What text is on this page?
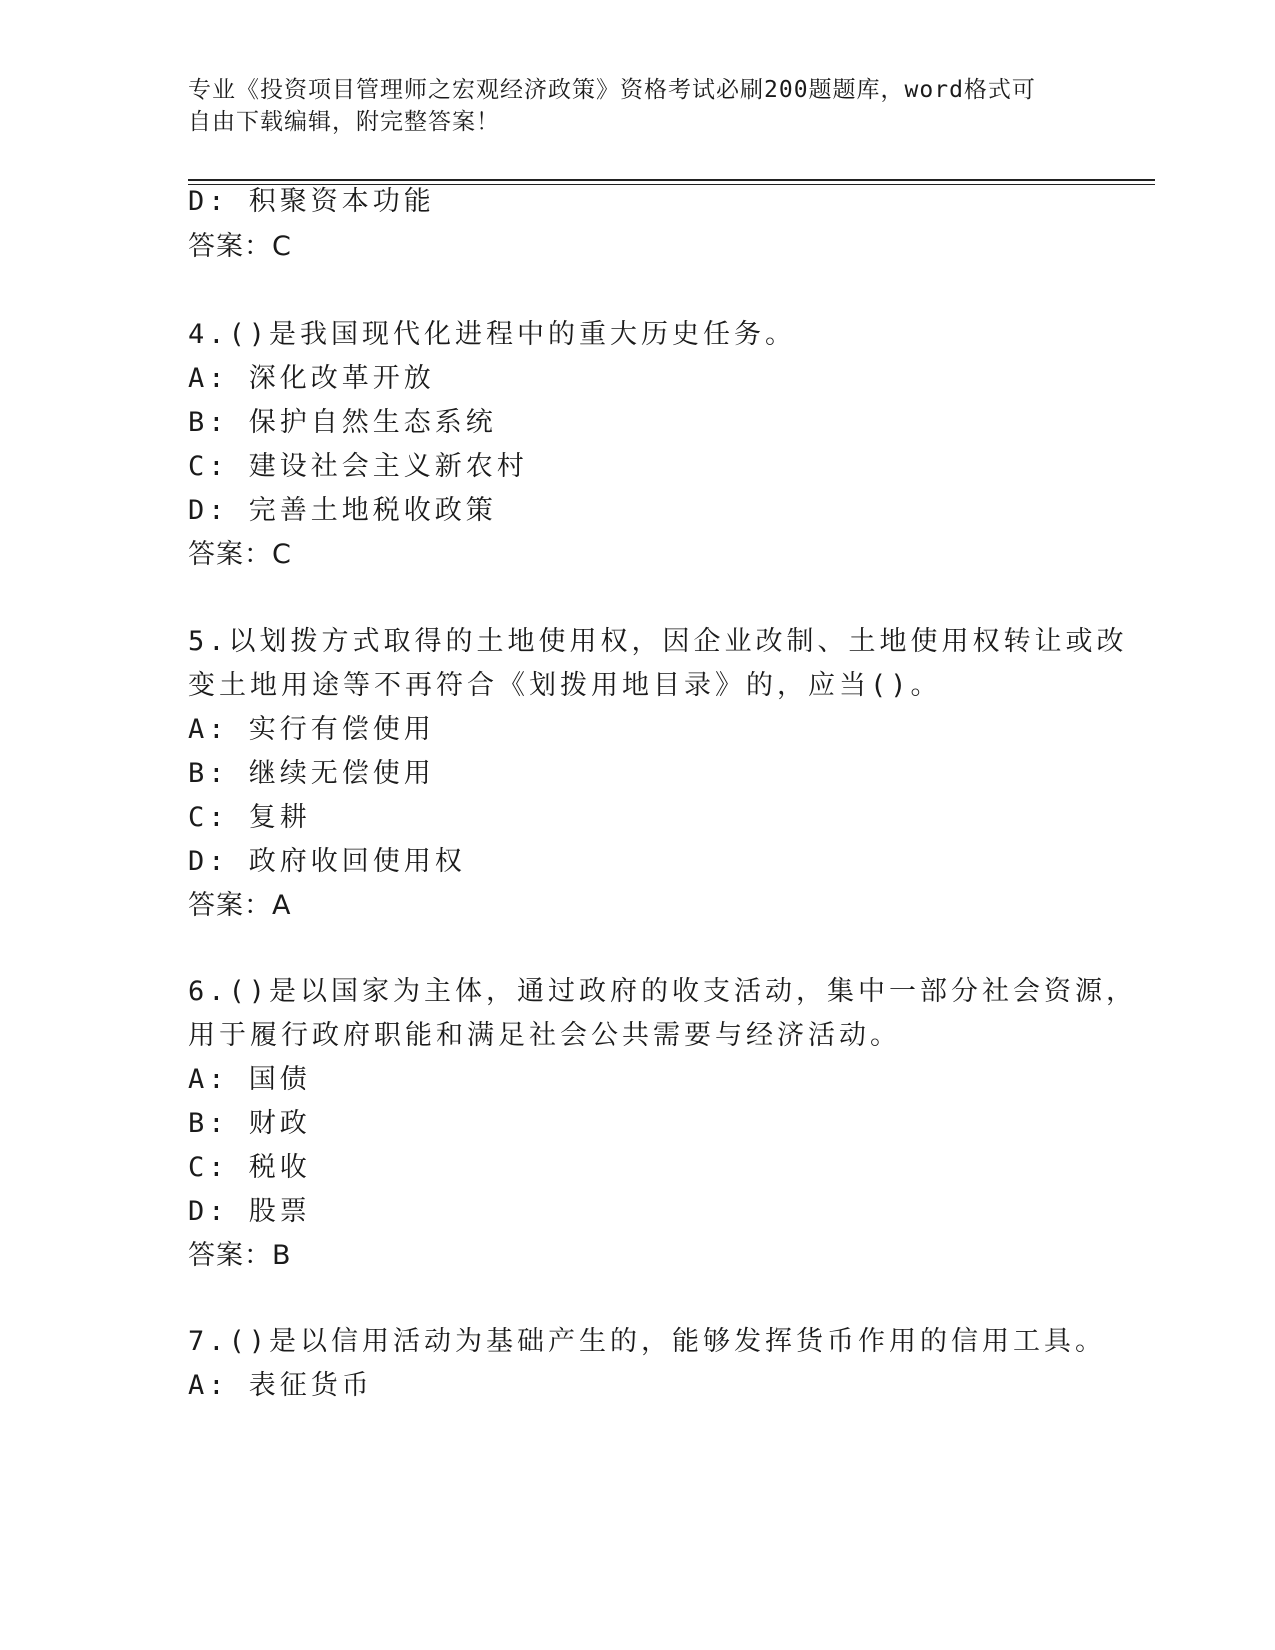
专业《投资项目管理师之宏观经济政策》资格考试必刷200题题库，word格式可
自由下载编辑，附完整答案！
D: 积聚资本功能
答案：C
4.()是我国现代化进程中的重大历史任务。
A: 深化改革开放
B: 保护自然生态系统
C: 建设社会主义新农村
D: 完善土地税收政策
答案：C
5.以划拨方式取得的土地使用权，因企业改制、土地使用权转让或改
变土地用途等不再符合《划拨用地目录》的，应当()。
A: 实行有偿使用
B: 继续无偿使用
C: 复耕
D: 政府收回使用权
答案：A
6.()是以国家为主体，通过政府的收支活动，集中一部分社会资源，
用于履行政府职能和满足社会公共需要与经济活动。
A: 国债
B: 财政
C: 税收
D: 股票
答案：B
7.()是以信用活动为基础产生的，能够发挥货币作用的信用工具。
A: 表征货币
